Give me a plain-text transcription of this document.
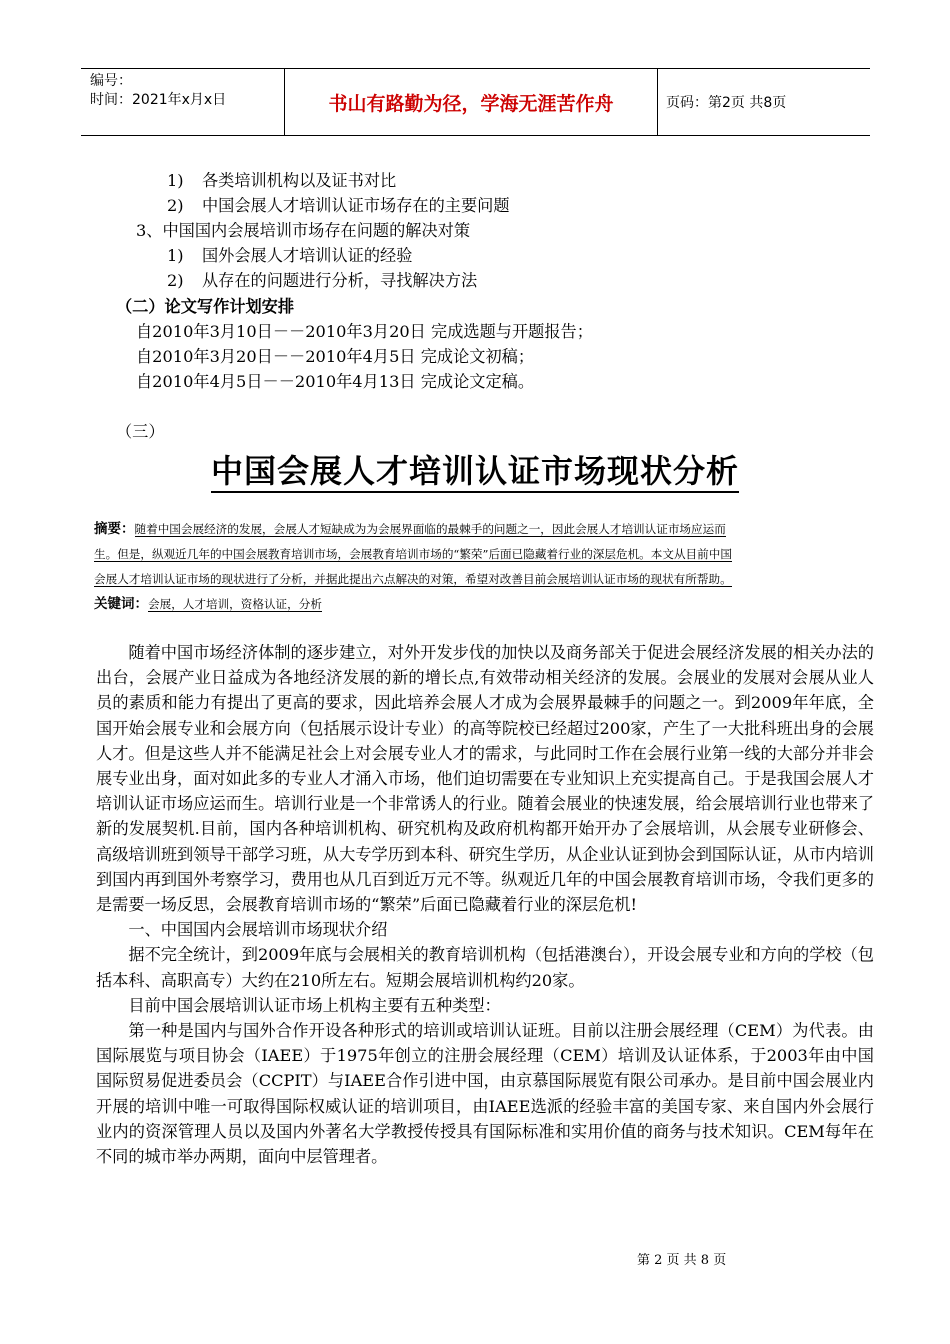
编号：
时间：2021年x月x日	书山有路勤为径，学海无涯苦作舟	页码：第2页 共8页
1) 各类培训机构以及证书对比
2) 中国会展人才培训认证市场存在的主要问题
3、中国国内会展培训市场存在问题的解决对策
1) 国外会展人才培训认证的经验
2) 从存在的问题进行分析，寻找解决方法
（二）论文写作计划安排
自2010年3月10日－－2010年3月20日 完成选题与开题报告；
自2010年3月20日－－2010年4月5日 完成论文初稿；
自2010年4月5日－－2010年4月13日 完成论文定稿。
（三）
中国会展人才培训认证市场现状分析
摘要：随着中国会展经济的发展，会展人才短缺成为为会展界面临的最棘手的问题之一，因此会展人才培训认证市场应运而
生。但是，纵观近几年的中国会展教育培训市场，会展教育培训市场的“繁荣”后面已隐藏着行业的深层危机。本文从目前中国
会展人才培训认证市场的现状进行了分析，并据此提出六点解决的对策，希望对改善目前会展培训认证市场的现状有所帮助。
关键词：会展，人才培训，资格认证，分析

随着中国市场经济体制的逐步建立，对外开发步伐的加快以及商务部关于促进会展经济发展的相关办法的出台，会展产业日益成为各地经济发展的新的增长点,有效带动相关经济的发展。会展业的发展对会展从业人员的素质和能力有提出了更高的要求，因此培养会展人才成为会展界最棘手的问题之一。到2009年年底，全国开始会展专业和会展方向（包括展示设计专业）的高等院校已经超过200家，产生了一大批科班出身的会展人才。但是这些人并不能满足社会上对会展专业人才的需求，与此同时工作在会展行业第一线的大部分并非会展专业出身，面对如此多的专业人才涌入市场，他们迫切需要在专业知识上充实提高自己。于是我国会展人才培训认证市场应运而生。培训行业是一个非常诱人的行业。随着会展业的快速发展，给会展培训行业也带来了新的发展契机.目前，国内各种培训机构、研究机构及政府机构都开始开办了会展培训，从会展专业研修会、高级培训班到领导干部学习班，从大专学历到本科、研究生学历，从企业认证到协会到国际认证，从市内培训到国内再到国外考察学习，费用也从几百到近万元不等。纵观近几年的中国会展教育培训市场，令我们更多的是需要一场反思，会展教育培训市场的“繁荣”后面已隐藏着行业的深层危机!

一、中国国内会展培训市场现状介绍

据不完全统计，到2009年底与会展相关的教育培训机构（包括港澳台），开设会展专业和方向的学校（包括本科、高职高专）大约在210所左右。短期会展培训机构约20家。

目前中国会展培训认证市场上机构主要有五种类型：

第一种是国内与国外合作开设各种形式的培训或培训认证班。目前以注册会展经理（CEM）为代表。由国际展览与项目协会（IAEE）于1975年创立的注册会展经理（CEM）培训及认证体系，于2003年由中国国际贸易促进委员会（CCPIT）与IAEE合作引进中国，由京慕国际展览有限公司承办。是目前中国会展业内开展的培训中唯一可取得国际权威认证的培训项目，由IAEE选派的经验丰富的美国专家、来自国内外会展行业内的资深管理人员以及国内外著名大学教授传授具有国际标准和实用价值的商务与技术知识。CEM每年在不同的城市举办两期，面向中层管理者。

第 2 页 共 8 页
